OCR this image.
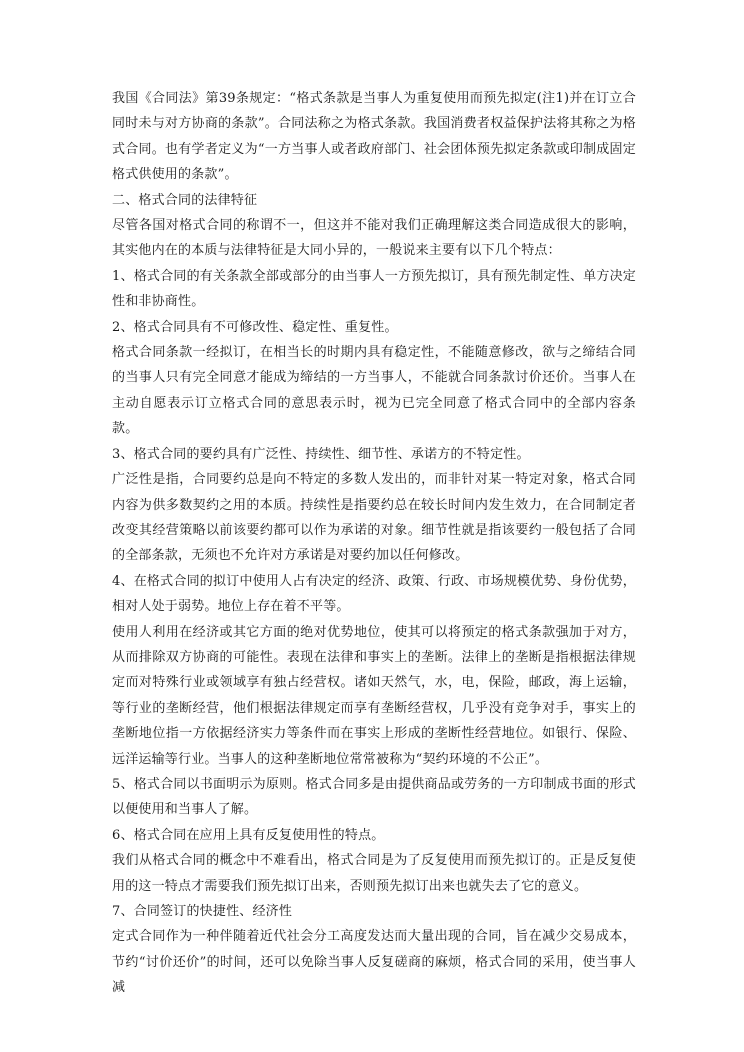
我国《合同法》第39条规定：“格式条款是当事人为重复使用而预先拟定(注1)并在订立合同时未与对方协商的条款”。合同法称之为格式条款。我国消费者权益保护法将其称之为格式合同。也有学者定义为“一方当事人或者政府部门、社会团体预先拟定条款或印制成固定格式供使用的条款”。

二、格式合同的法律特征

尽管各国对格式合同的称谓不一，但这并不能对我们正确理解这类合同造成很大的影响，其实他内在的本质与法律特征是大同小异的，一般说来主要有以下几个特点：

1、格式合同的有关条款全部或部分的由当事人一方预先拟订，具有预先制定性、单方决定性和非协商性。

2、格式合同具有不可修改性、稳定性、重复性。

格式合同条款一经拟订，在相当长的时期内具有稳定性，不能随意修改，欲与之缔结合同的当事人只有完全同意才能成为缔结的一方当事人，不能就合同条款讨价还价。当事人在主动自愿表示订立格式合同的意思表示时，视为已完全同意了格式合同中的全部内容条款。

3、格式合同的要约具有广泛性、持续性、细节性、承诺方的不特定性。

广泛性是指，合同要约总是向不特定的多数人发出的，而非针对某一特定对象，格式合同内容为供多数契约之用的本质。持续性是指要约总在较长时间内发生效力，在合同制定者改变其经营策略以前该要约都可以作为承诺的对象。细节性就是指该要约一般包括了合同的全部条款，无须也不允许对方承诺是对要约加以任何修改。

4、在格式合同的拟订中使用人占有决定的经济、政策、行政、市场规模优势、身份优势，相对人处于弱势。地位上存在着不平等。

使用人利用在经济或其它方面的绝对优势地位，使其可以将预定的格式条款强加于对方，从而排除双方协商的可能性。表现在法律和事实上的垄断。法律上的垄断是指根据法律规定而对特殊行业或领域享有独占经营权。诸如天然气，水，电，保险，邮政，海上运输，等行业的垄断经营，他们根据法律规定而享有垄断经营权，几乎没有竞争对手，事实上的垄断地位指一方依据经济实力等条件而在事实上形成的垄断性经营地位。如银行、保险、远洋运输等行业。当事人的这种垄断地位常常被称为“契约环境的不公正”。

5、格式合同以书面明示为原则。格式合同多是由提供商品或劳务的一方印制成书面的形式以便使用和当事人了解。

6、格式合同在应用上具有反复使用性的特点。

我们从格式合同的概念中不难看出，格式合同是为了反复使用而预先拟订的。正是反复使用的这一特点才需要我们预先拟订出来，否则预先拟订出来也就失去了它的意义。

7、合同签订的快捷性、经济性

定式合同作为一种伴随着近代社会分工高度发达而大量出现的合同，旨在减少交易成本，节约“讨价还价”的时间，还可以免除当事人反复磋商的麻烦，格式合同的采用，使当事人减
